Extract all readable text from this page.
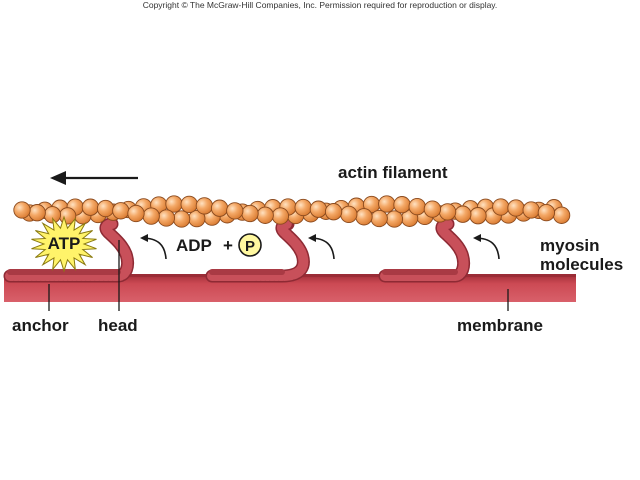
Copyright © The McGraw-Hill Companies, Inc. Permission required for reproduction or display.
actin filament
ATP	ADP + P	myosin
molecules
anchor head	membrane
